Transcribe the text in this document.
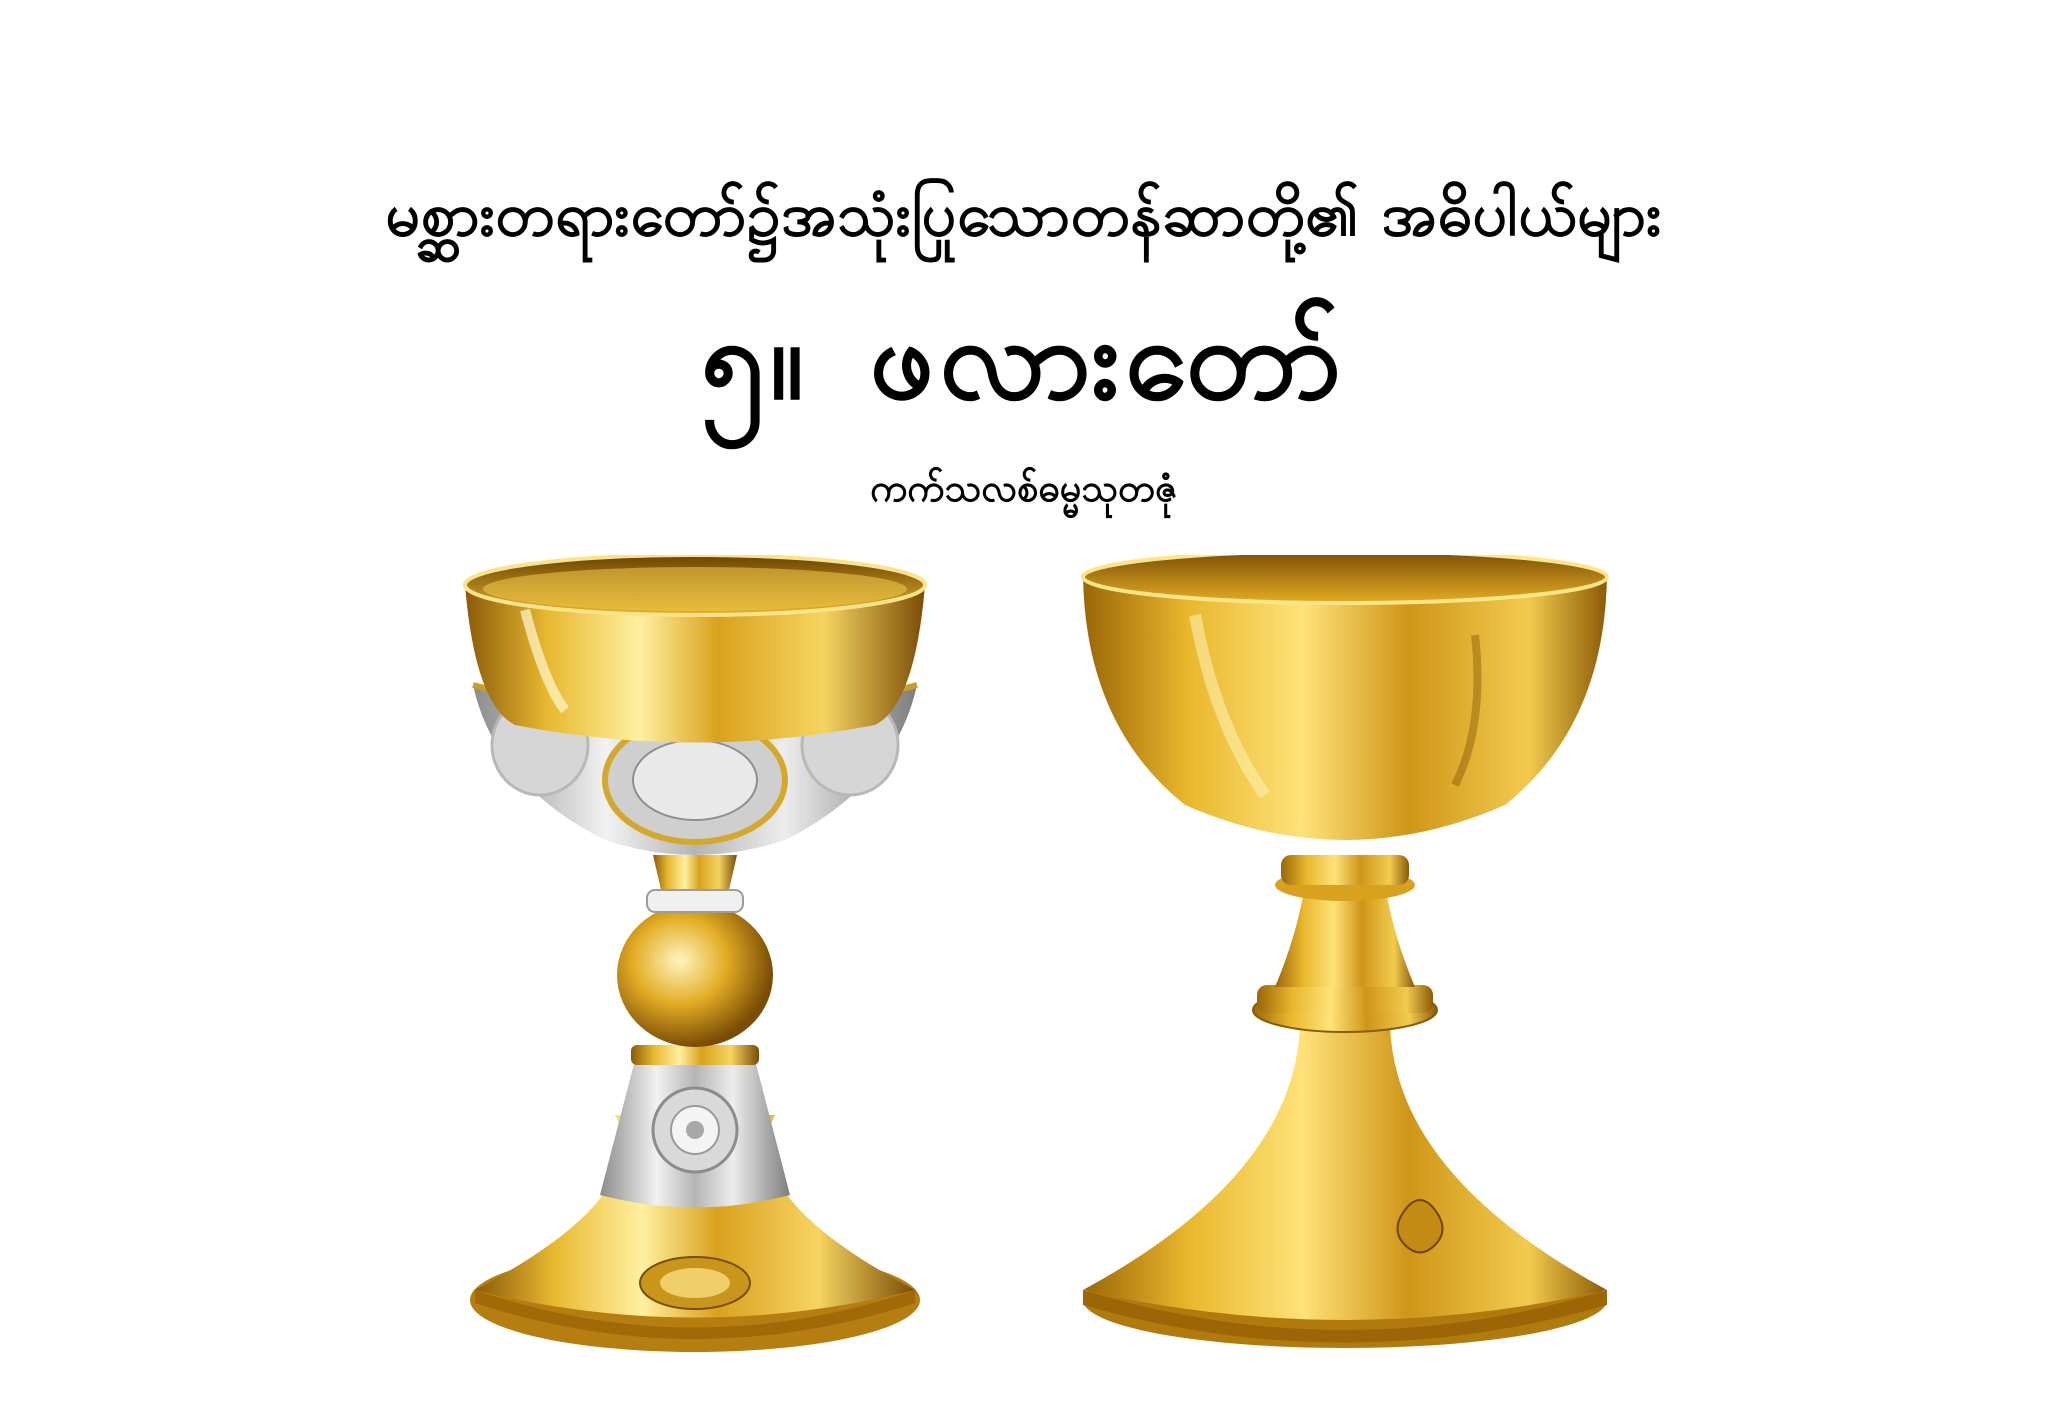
မစ္ဆားတရားတော်၌အသုံးပြုသောတန်ဆာတို့၏ အဓိပါယ်များ
၅။ ဖလားတော်
ကက်သလစ်ဓမ္မသုတဇုံ
